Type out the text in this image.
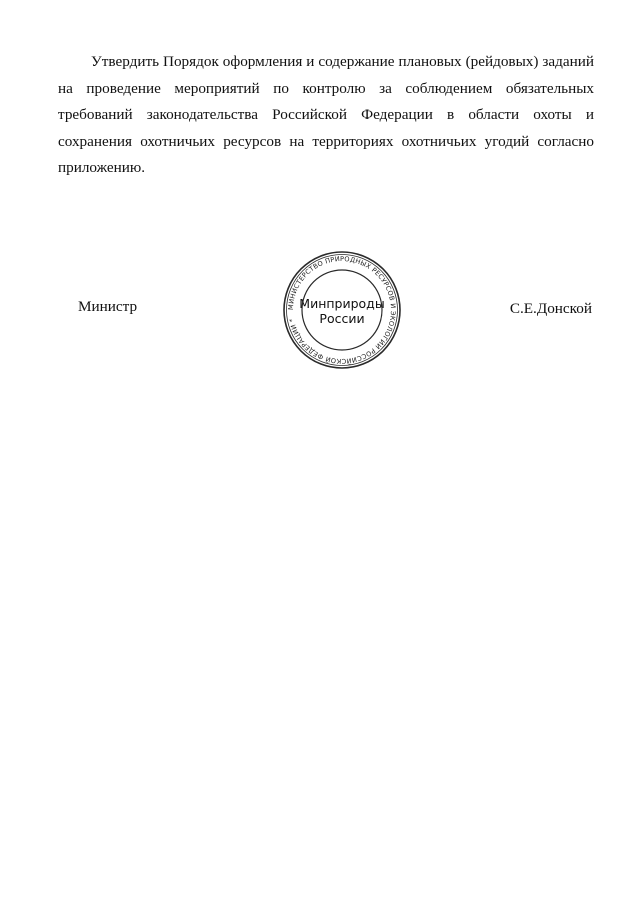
Утвердить Порядок оформления и содержание плановых (рейдовых) заданий на проведение мероприятий по контролю за соблюдением обязательных требований законодательства Российской Федерации в области охоты и сохранения охотничьих ресурсов на территориях охотничьих угодий согласно приложению.

Министр	МИНИСТЕРСТВО ПРИРОДНЫХ РЕСУРСОВ И ЭКОЛОГИИ РОССИЙСКОЙ ФЕДЕРАЦИИ *
Минприроды
России
С.Е.Донской
